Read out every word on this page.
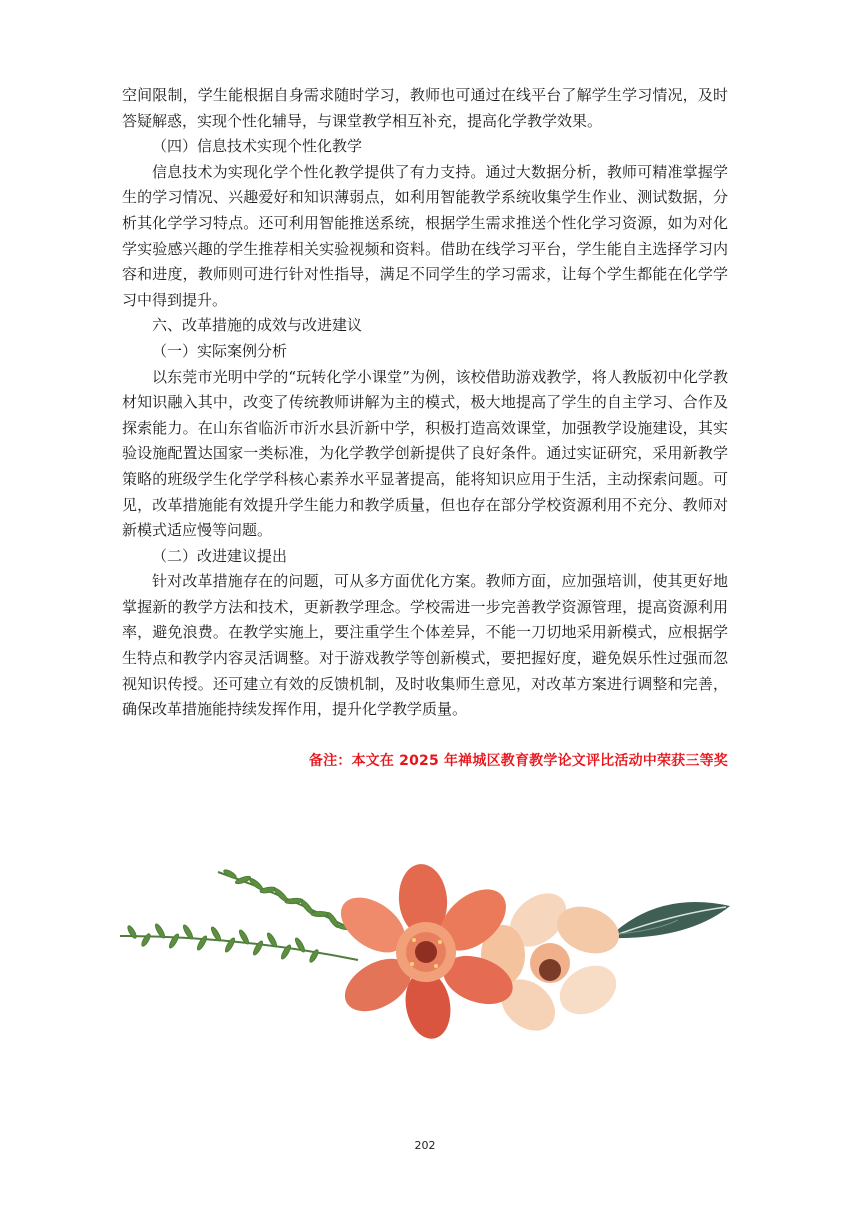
空间限制，学生能根据自身需求随时学习，教师也可通过在线平台了解学生学习情况，及时答疑解惑，实现个性化辅导，与课堂教学相互补充，提高化学教学效果。

（四）信息技术实现个性化教学

信息技术为实现化学个性化教学提供了有力支持。通过大数据分析，教师可精准掌握学生的学习情况、兴趣爱好和知识薄弱点，如利用智能教学系统收集学生作业、测试数据，分析其化学学习特点。还可利用智能推送系统，根据学生需求推送个性化学习资源，如为对化学实验感兴趣的学生推荐相关实验视频和资料。借助在线学习平台，学生能自主选择学习内容和进度，教师则可进行针对性指导，满足不同学生的学习需求，让每个学生都能在化学学习中得到提升。

六、改革措施的成效与改进建议

（一）实际案例分析

以东莞市光明中学的“玩转化学小课堂”为例，该校借助游戏教学，将人教版初中化学教材知识融入其中，改变了传统教师讲解为主的模式，极大地提高了学生的自主学习、合作及探索能力。在山东省临沂市沂水县沂新中学，积极打造高效课堂，加强教学设施建设，其实验设施配置达国家一类标准，为化学教学创新提供了良好条件。通过实证研究，采用新教学策略的班级学生化学学科核心素养水平显著提高，能将知识应用于生活，主动探索问题。可见，改革措施能有效提升学生能力和教学质量，但也存在部分学校资源利用不充分、教师对新模式适应慢等问题。

（二）改进建议提出

针对改革措施存在的问题，可从多方面优化方案。教师方面，应加强培训，使其更好地掌握新的教学方法和技术，更新教学理念。学校需进一步完善教学资源管理，提高资源利用率，避免浪费。在教学实施上，要注重学生个体差异，不能一刀切地采用新模式，应根据学生特点和教学内容灵活调整。对于游戏教学等创新模式，要把握好度，避免娱乐性过强而忽视知识传授。还可建立有效的反馈机制，及时收集师生意见，对改革方案进行调整和完善，确保改革措施能持续发挥作用，提升化学教学质量。

备注：本文在 2025 年禅城区教育教学论文评比活动中荣获三等奖
202
